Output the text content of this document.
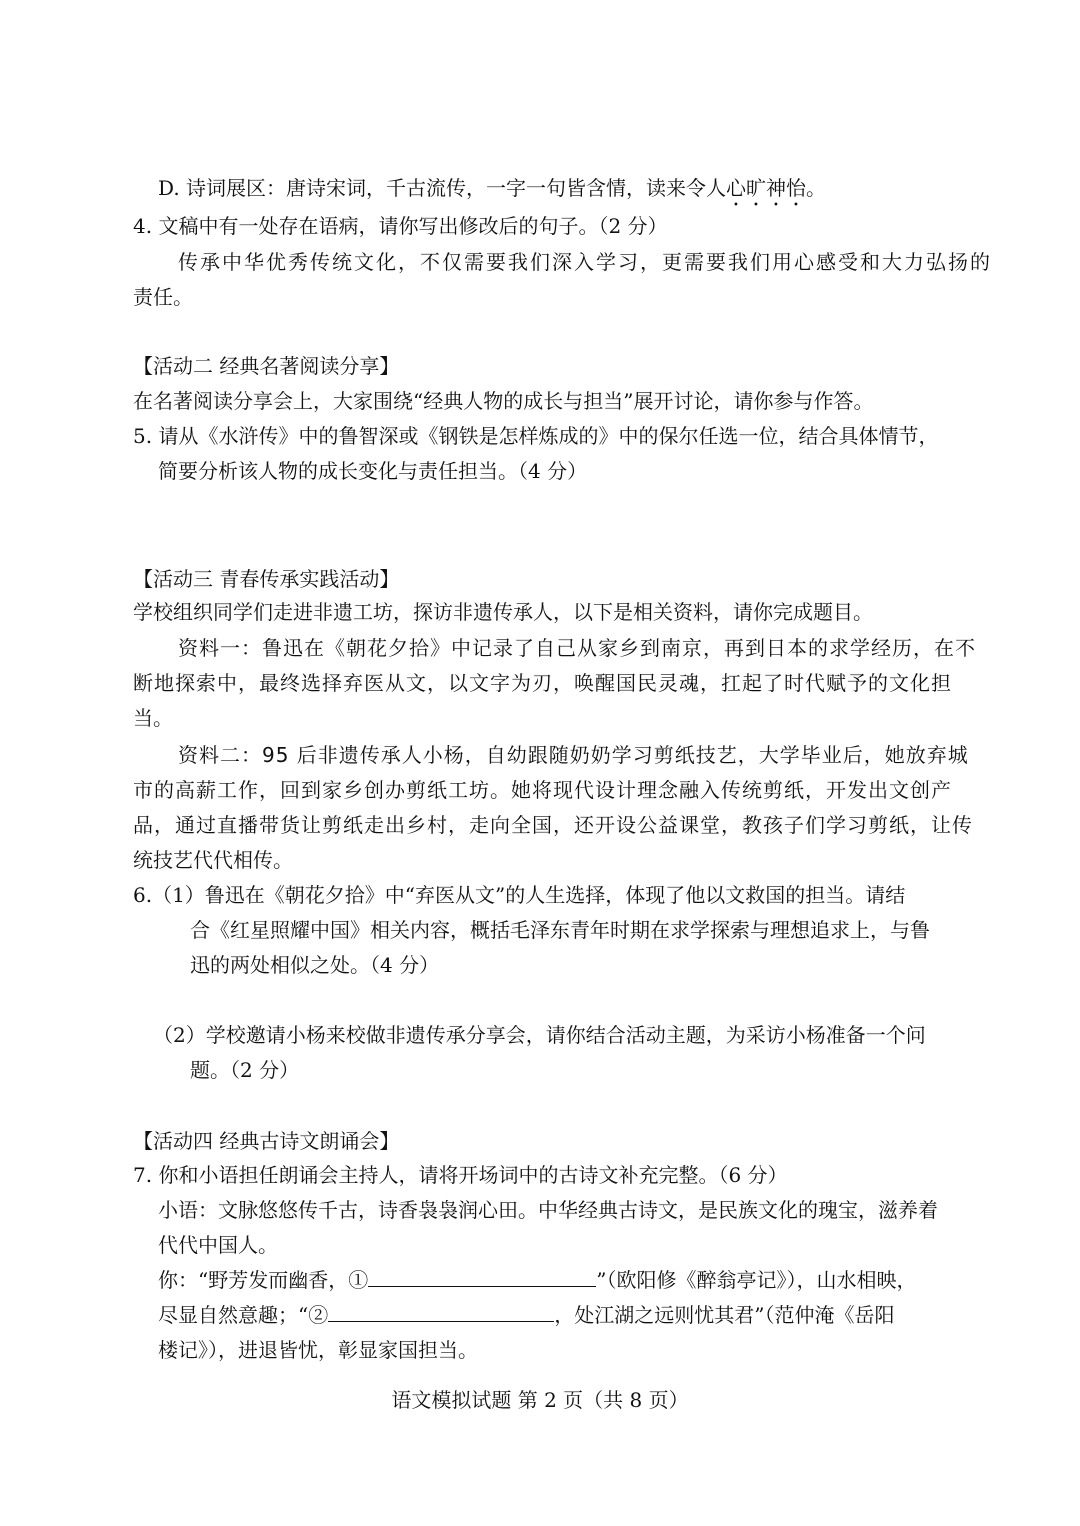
D. 诗词展区：唐诗宋词，千古流传，一字一句皆含情，读来令人心旷神怡。
4. 文稿中有一处存在语病，请你写出修改后的句子。（2 分）
传承中华优秀传统文化，不仅需要我们深入学习，更需要我们用心感受和大力弘扬的
责任。
【活动二 经典名著阅读分享】
在名著阅读分享会上，大家围绕“经典人物的成长与担当”展开讨论，请你参与作答。
5. 请从《水浒传》中的鲁智深或《钢铁是怎样炼成的》中的保尔任选一位，结合具体情节，
简要分析该人物的成长变化与责任担当。（4 分）
【活动三 青春传承实践活动】
学校组织同学们走进非遗工坊，探访非遗传承人，以下是相关资料，请你完成题目。
资料一：鲁迅在《朝花夕拾》中记录了自己从家乡到南京，再到日本的求学经历，在不
断地探索中，最终选择弃医从文，以文字为刃，唤醒国民灵魂，扛起了时代赋予的文化担
当。
资料二：95 后非遗传承人小杨，自幼跟随奶奶学习剪纸技艺，大学毕业后，她放弃城
市的高薪工作，回到家乡创办剪纸工坊。她将现代设计理念融入传统剪纸，开发出文创产
品，通过直播带货让剪纸走出乡村，走向全国，还开设公益课堂，教孩子们学习剪纸，让传
统技艺代代相传。
6.（1）鲁迅在《朝花夕拾》中“弃医从文”的人生选择，体现了他以文救国的担当。请结
合《红星照耀中国》相关内容，概括毛泽东青年时期在求学探索与理想追求上，与鲁
迅的两处相似之处。（4 分）
（2）学校邀请小杨来校做非遗传承分享会，请你结合活动主题，为采访小杨准备一个问
题。（2 分）
【活动四 经典古诗文朗诵会】
7. 你和小语担任朗诵会主持人，请将开场词中的古诗文补充完整。（6 分）
小语：文脉悠悠传千古，诗香袅袅润心田。中华经典古诗文，是民族文化的瑰宝，滋养着
代代中国人。
你：“野芳发而幽香，①	”（欧阳修《醉翁亭记》），山水相映，
尽显自然意趣；“②	，处江湖之远则忧其君”（范仲淹《岳阳
楼记》），进退皆忧，彰显家国担当。
语文模拟试题 第 2 页（共 8 页）
